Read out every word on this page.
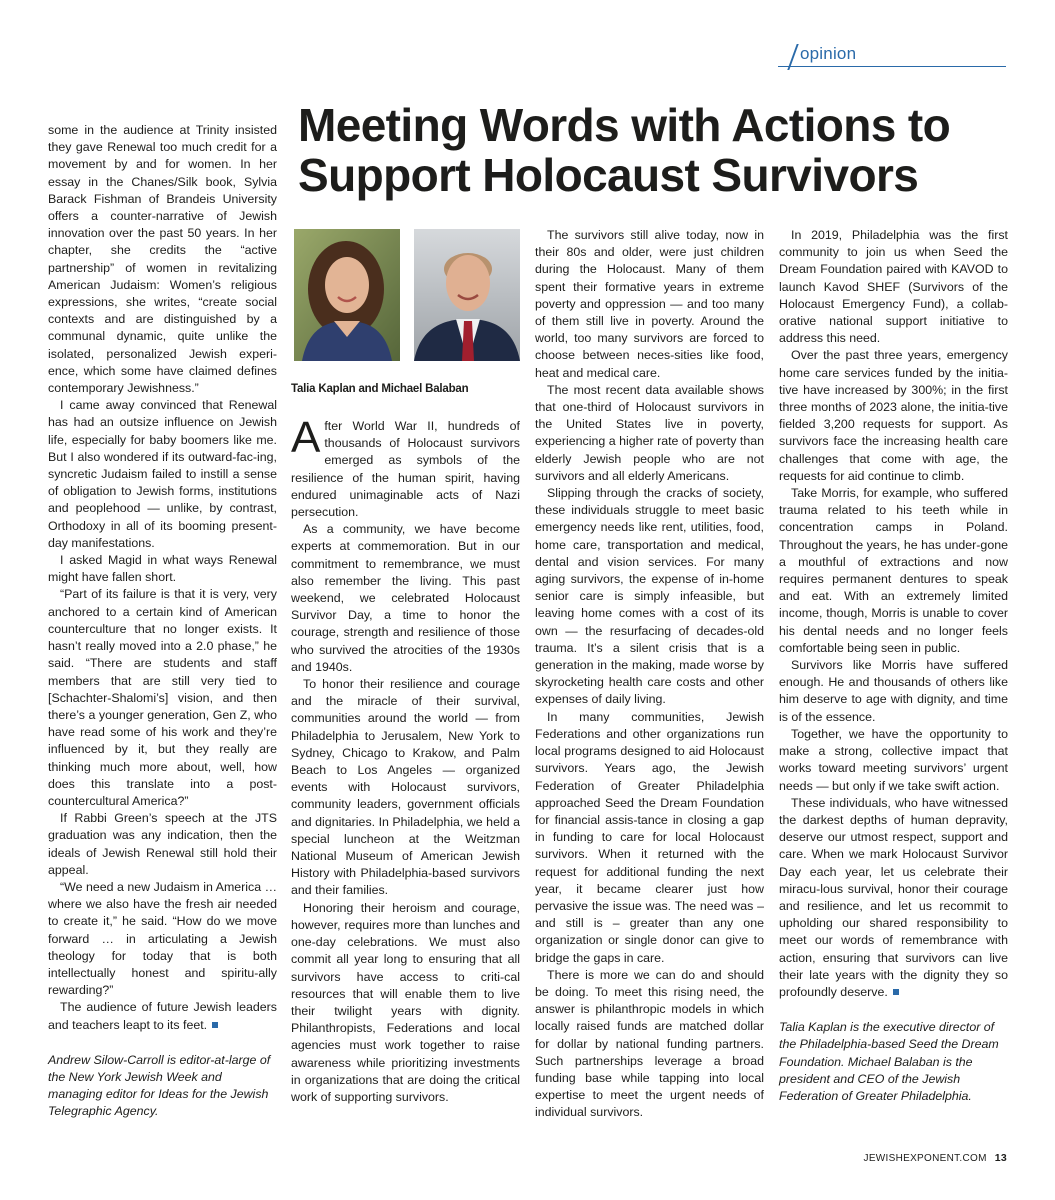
opinion

some in the audience at Trinity insisted they gave Renewal too much credit for a movement by and for women. In her essay in the Chanes/Silk book, Sylvia Barack Fishman of Brandeis University offers a counter-narrative of Jewish innovation over the past 50 years. In her chapter, she credits the “active partnership” of women in revitalizing American Judaism: Women’s religious expressions, she writes, “create social contexts and are distinguished by a communal dynamic, quite unlike the isolated, personalized Jewish experi-ence, which some have claimed defines contemporary Jewishness.”

I came away convinced that Renewal has had an outsize influence on Jewish life, especially for baby boomers like me. But I also wondered if its outward-fac-ing, syncretic Judaism failed to instill a sense of obligation to Jewish forms, institutions and peoplehood — unlike, by contrast, Orthodoxy in all of its booming present-day manifestations.

I asked Magid in what ways Renewal might have fallen short.

“Part of its failure is that it is very, very anchored to a certain kind of American counterculture that no longer exists. It hasn’t really moved into a 2.0 phase,” he said. “There are students and staff members that are still very tied to [Schachter-Shalomi’s] vision, and then there’s a younger generation, Gen Z, who have read some of his work and they’re influenced by it, but they really are thinking much more about, well, how does this translate into a post-countercultural America?”

If Rabbi Green’s speech at the JTS graduation was any indication, then the ideals of Jewish Renewal still hold their appeal.

“We need a new Judaism in America … where we also have the fresh air needed to create it,” he said. “How do we move forward … in articulating a Jewish theology for today that is both intellectually honest and spiritu-ally rewarding?”

The audience of future Jewish leaders and teachers leapt to its feet.

Andrew Silow-Carroll is editor-at-large of the New York Jewish Week and managing editor for Ideas for the Jewish Telegraphic Agency.

Meeting Words with Actions to Support Holocaust Survivors
Talia Kaplan and Michael Balaban

After World War II, hundreds of thousands of Holocaust survivors emerged as symbols of the resilience of the human spirit, having endured unimaginable acts of Nazi persecution.

As a community, we have become experts at commemoration. But in our commitment to remembrance, we must also remember the living. This past weekend, we celebrated Holocaust Survivor Day, a time to honor the courage, strength and resilience of those who survived the atrocities of the 1930s and 1940s.

To honor their resilience and courage and the miracle of their survival, communities around the world — from Philadelphia to Jerusalem, New York to Sydney, Chicago to Krakow, and Palm Beach to Los Angeles — organized events with Holocaust survivors, community leaders, government officials and dignitaries. In Philadelphia, we held a special luncheon at the Weitzman National Museum of American Jewish History with Philadelphia-based survivors and their families.

Honoring their heroism and courage, however, requires more than lunches and one-day celebrations. We must also commit all year long to ensuring that all survivors have access to criti-cal resources that will enable them to live their twilight years with dignity. Philanthropists, Federations and local agencies must work together to raise awareness while prioritizing investments in organizations that are doing the critical work of supporting survivors.

The survivors still alive today, now in their 80s and older, were just children during the Holocaust. Many of them spent their formative years in extreme poverty and oppression — and too many of them still live in poverty. Around the world, too many survivors are forced to choose between neces-sities like food, heat and medical care.

The most recent data available shows that one-third of Holocaust survivors in the United States live in poverty, experiencing a higher rate of poverty than elderly Jewish people who are not survivors and all elderly Americans.

Slipping through the cracks of society, these individuals struggle to meet basic emergency needs like rent, utilities, food, home care, transportation and medical, dental and vision services. For many aging survivors, the expense of in-home senior care is simply infeasible, but leaving home comes with a cost of its own — the resurfacing of decades-old trauma. It’s a silent crisis that is a generation in the making, made worse by skyrocketing health care costs and other expenses of daily living.

In many communities, Jewish Federations and other organizations run local programs designed to aid Holocaust survivors. Years ago, the Jewish Federation of Greater Philadelphia approached Seed the Dream Foundation for financial assis-tance in closing a gap in funding to care for local Holocaust survivors. When it returned with the request for additional funding the next year, it became clearer just how pervasive the issue was. The need was – and still is – greater than any one organization or single donor can give to bridge the gaps in care.

There is more we can do and should be doing. To meet this rising need, the answer is philanthropic models in which locally raised funds are matched dollar for dollar by national funding partners. Such partnerships leverage a broad funding base while tapping into local expertise to meet the urgent needs of individual survivors.

In 2019, Philadelphia was the first community to join us when Seed the Dream Foundation paired with KAVOD to launch Kavod SHEF (Survivors of the Holocaust Emergency Fund), a collab-orative national support initiative to address this need.

Over the past three years, emergency home care services funded by the initia-tive have increased by 300%; in the first three months of 2023 alone, the initia-tive fielded 3,200 requests for support. As survivors face the increasing health care challenges that come with age, the requests for aid continue to climb.

Take Morris, for example, who suffered trauma related to his teeth while in concentration camps in Poland. Throughout the years, he has under-gone a mouthful of extractions and now requires permanent dentures to speak and eat. With an extremely limited income, though, Morris is unable to cover his dental needs and no longer feels comfortable being seen in public.

Survivors like Morris have suffered enough. He and thousands of others like him deserve to age with dignity, and time is of the essence.

Together, we have the opportunity to make a strong, collective impact that works toward meeting survivors’ urgent needs — but only if we take swift action.

These individuals, who have witnessed the darkest depths of human depravity, deserve our utmost respect, support and care. When we mark Holocaust Survivor Day each year, let us celebrate their miracu-lous survival, honor their courage and resilience, and let us recommit to upholding our shared responsibility to meet our words of remembrance with action, ensuring that survivors can live their late years with the dignity they so profoundly deserve.

Talia Kaplan is the executive director of the Philadelphia-based Seed the Dream Foundation. Michael Balaban is the president and CEO of the Jewish Federation of Greater Philadelphia.

JEWISHEXPONENT.COM 13
